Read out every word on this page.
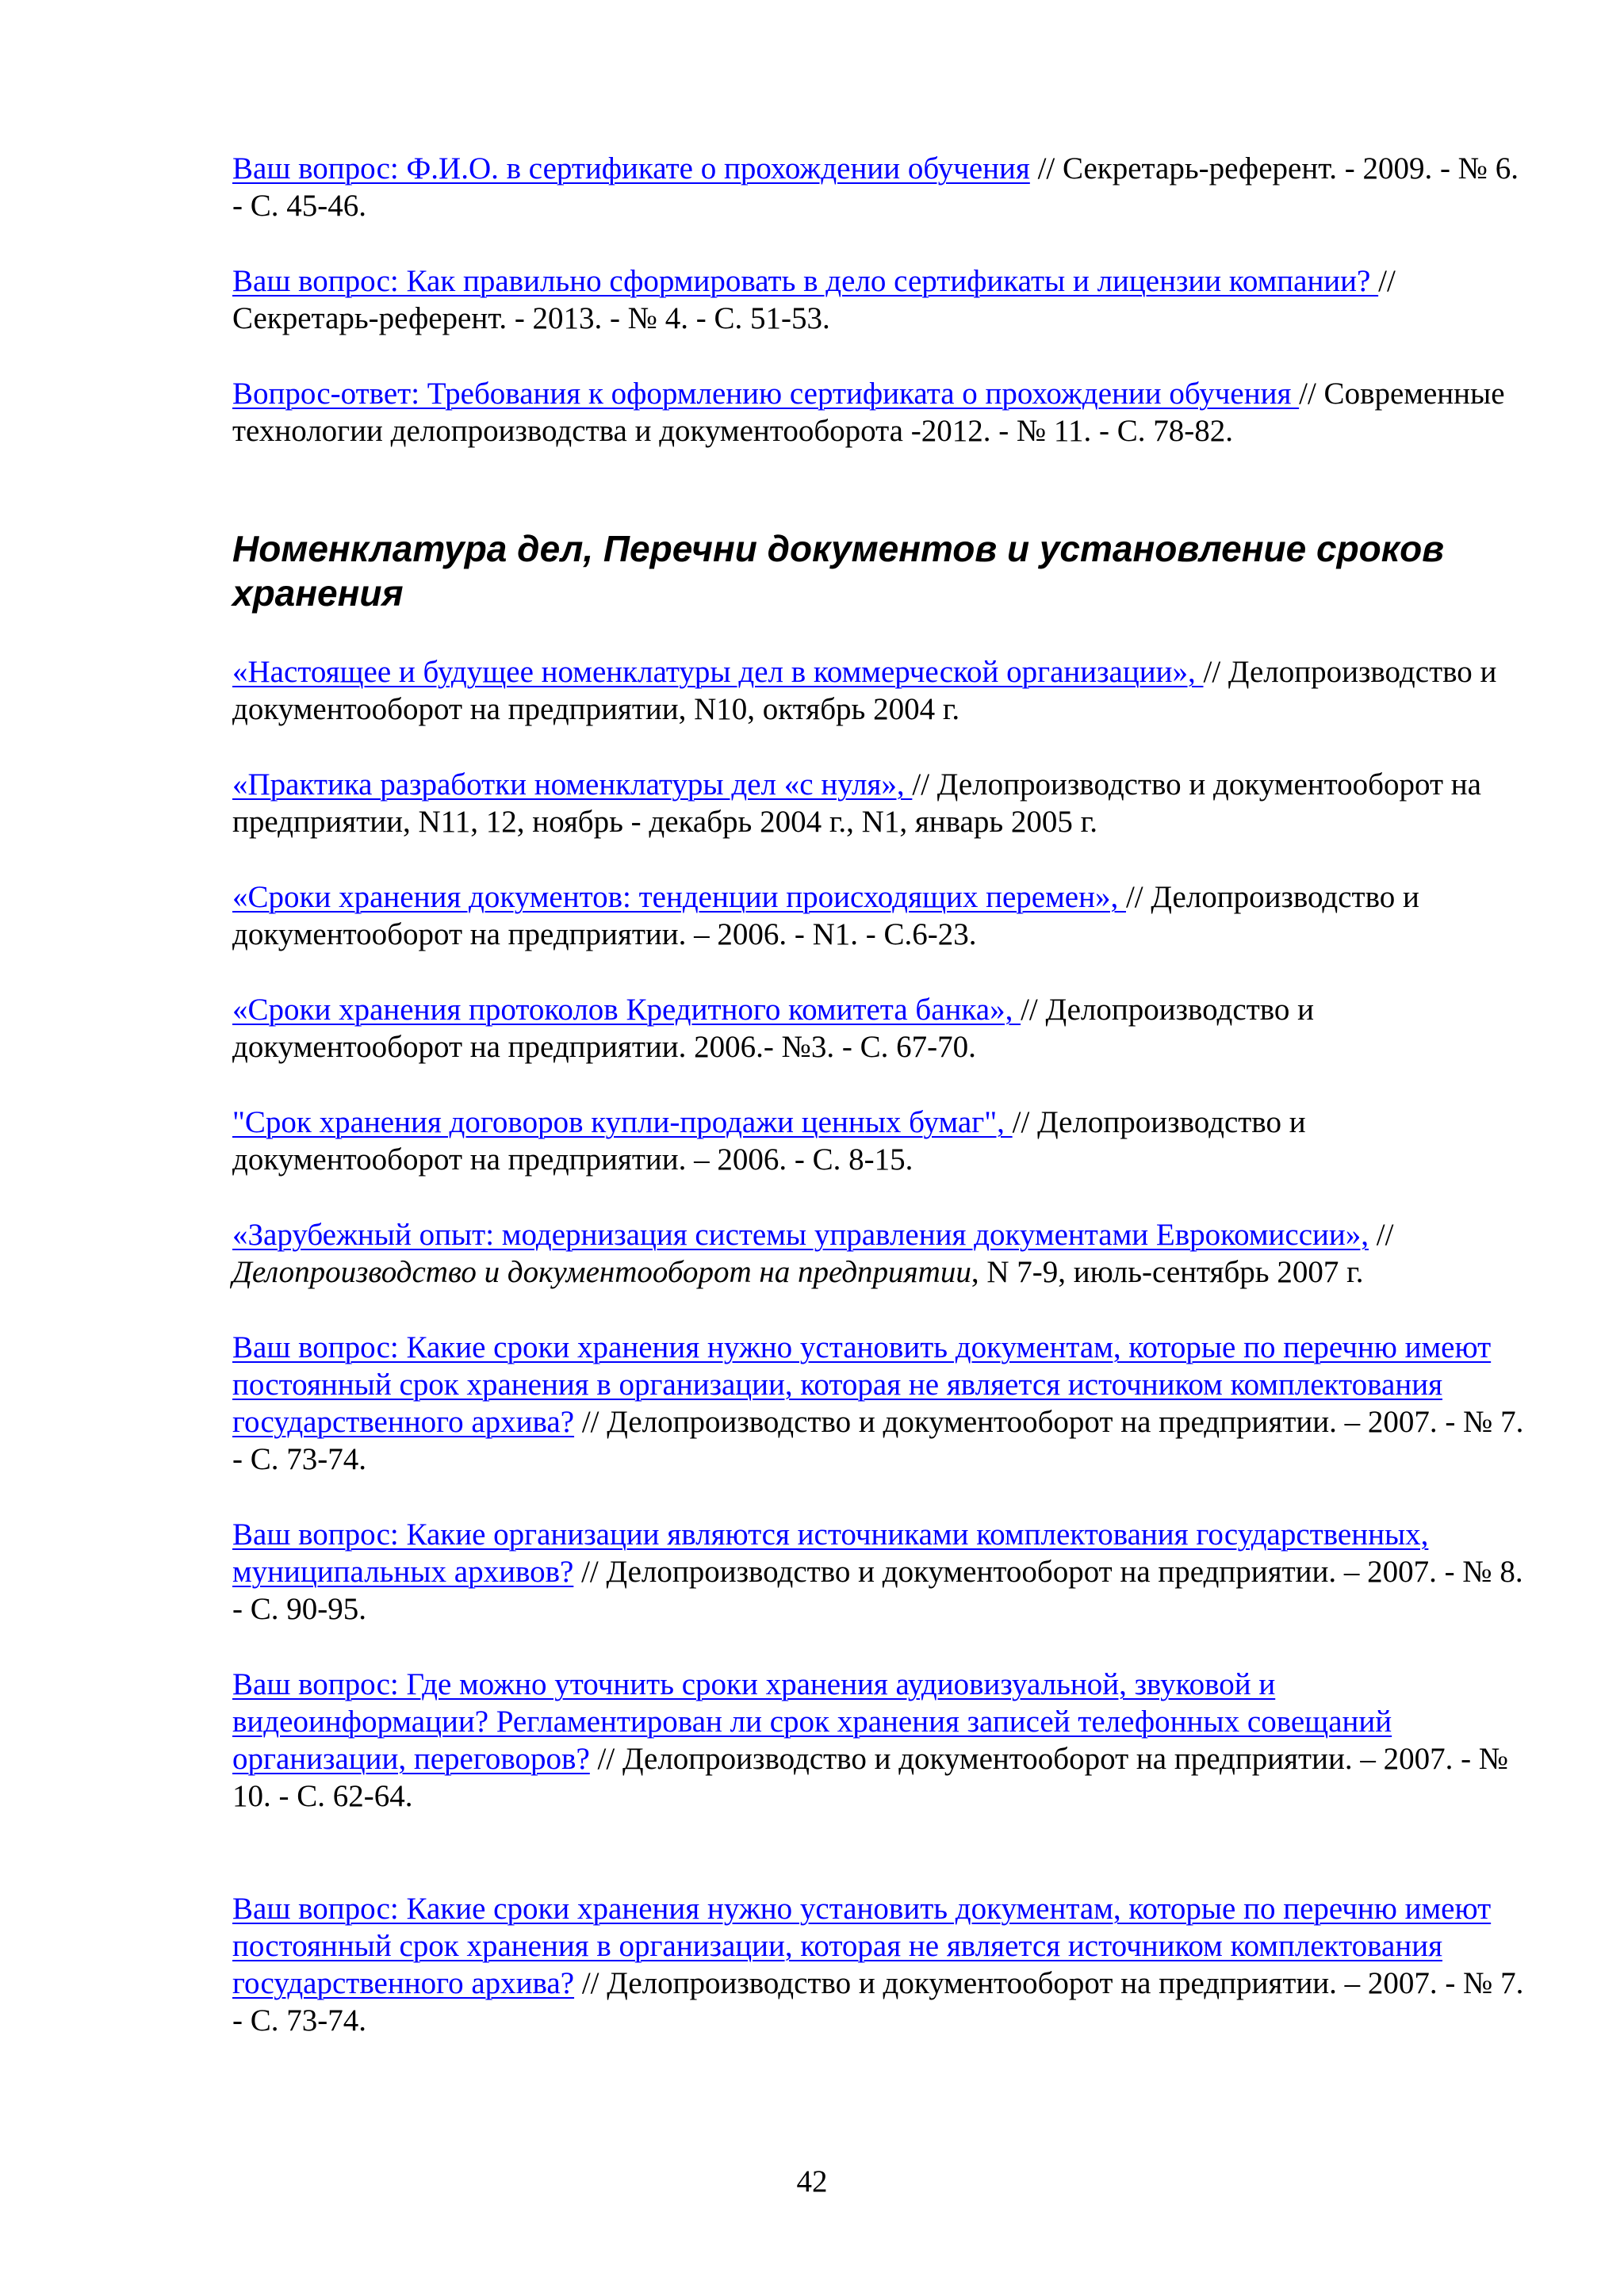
Ваш вопрос: Ф.И.О. в сертификате о прохождении обучения // Секретарь-референт. - 2009. - № 6. - С. 45-46.
Ваш вопрос: Как правильно сформировать в дело сертификаты и лицензии компании? // Секретарь-референт. - 2013. - № 4. - С. 51-53.
Вопрос-ответ: Требования к оформлению сертификата о прохождении обучения // Современные технологии делопроизводства и документооборота -2012. - № 11. - С. 78-82.
Номенклатура дел, Перечни документов и установление сроков хранения
«Настоящее и будущее номенклатуры дел в коммерческой организации», // Делопроизводство и документооборот на предприятии, N10, октябрь 2004 г.
«Практика разработки номенклатуры дел «с нуля», // Делопроизводство и документооборот на предприятии, N11, 12, ноябрь - декабрь 2004 г., N1, январь 2005 г.
«Сроки хранения документов: тенденции происходящих перемен», // Делопроизводство и документооборот на предприятии. – 2006. - N1. - С.6-23.
«Сроки хранения протоколов Кредитного комитета банка», // Делопроизводство и документооборот на предприятии. 2006.- №3. - С. 67-70.
"Срок хранения договоров купли-продажи ценных бумаг", // Делопроизводство и документооборот на предприятии. – 2006. - С. 8-15.
«Зарубежный опыт: модернизация системы управления документами Еврокомиссии», //
Делопроизводство и документооборот на предприятии, N 7-9, июль-сентябрь 2007 г.
Ваш вопрос: Какие сроки хранения нужно установить документам, которые по перечню имеют постоянный срок хранения в организации, которая не является источником комплектования государственного архива? // Делопроизводство и документооборот на предприятии. – 2007. - № 7. - С. 73-74.
Ваш вопрос: Какие организации являются источниками комплектования государственных, муниципальных архивов? // Делопроизводство и документооборот на предприятии. – 2007. - № 8. - С. 90-95.
Ваш вопрос: Где можно уточнить сроки хранения аудиовизуальной, звуковой и видеоинформации? Регламентирован ли срок хранения записей телефонных совещаний организации, переговоров? // Делопроизводство и документооборот на предприятии. – 2007. - № 10. - С. 62-64.
Ваш вопрос: Какие сроки хранения нужно установить документам, которые по перечню имеют постоянный срок хранения в организации, которая не является источником комплектования государственного архива? // Делопроизводство и документооборот на предприятии. – 2007. - № 7. - С. 73-74.
42
